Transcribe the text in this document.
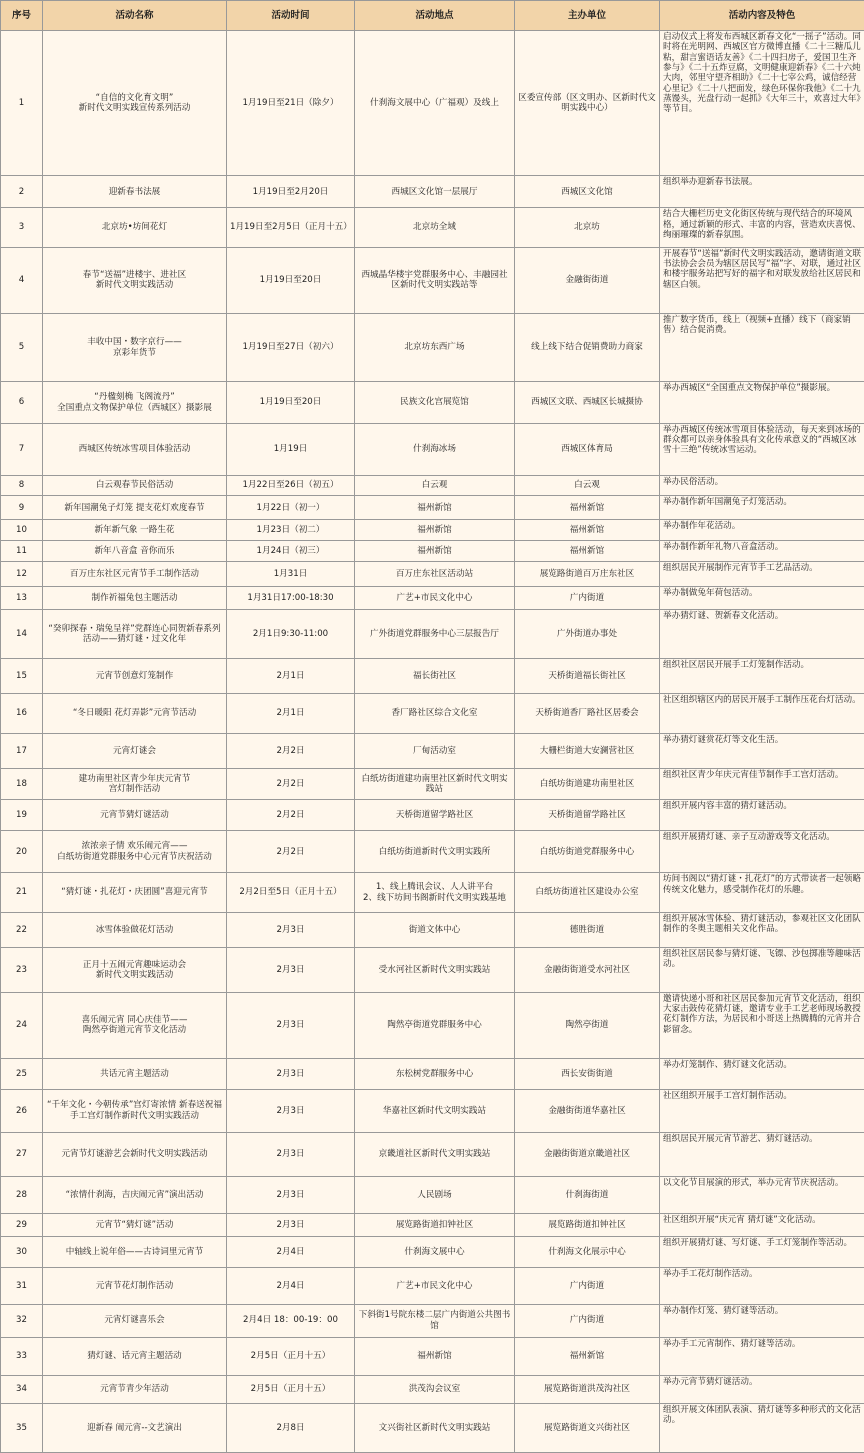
序号	活动名称	活动时间	活动地点	主办单位	活动内容及特色
1	“自信的文化育文明”
新时代文明实践宣传系列活动	1月19日至21日（除夕）	什刹海文展中心（广福观）及线上	区委宣传部（区文明办、区新时代文明实践中心）	启动仪式上将发布西城区新春文化“一摇子”活动。同时将在光明网、西城区官方微博直播《二十三糖瓜儿粘，甜言蜜语话友善》《二十四扫房子，爱国卫生齐参与》《二十五炸豆腐，文明健康迎新春》《二十六炖大肉，邻里守望齐相助》《二十七宰公鸡，诚信经营心里记》《二十八把面发，绿色环保你我他》《二十九蒸馒头，光盘行动一起抓》《大年三十，欢喜过大年》等节目。
2	迎新春书法展	1月19日至2月20日	西城区文化馆一层展厅	西城区文化馆	组织举办迎新春书法展。
3	北京坊•坊间花灯	1月19日至2月5日（正月十五）	北京坊全域	北京坊	结合大栅栏历史文化街区传统与现代结合的环境风格，通过新颖的形式、丰富的内容，营造欢庆喜悦、绚丽璀璨的新春氛围。
4	春节“送福”进楼宇、进社区
新时代文明实践活动	1月19日至20日	西城晶华楼宇党群服务中心、丰融园社区新时代文明实践站等	金融街街道	开展春节“送福”新时代文明实践活动，邀请街道文联书法协会会员为辖区居民写“福”字、对联，通过社区和楼宇服务站把写好的福字和对联发放给社区居民和辖区白领。
5	丰收中国・数字京行——
京彩年货节	1月19日至27日（初六）	北京坊东西广场	线上线下结合促销费助力商家	推广数字货币，线上（视频+直播）线下（商家销售）结合促消费。
6	“丹楹刻桷 飞阁流丹”
全国重点文物保护单位（西城区）摄影展	1月19日至20日	民族文化宫展览馆	西城区文联、西城区长城摄协	举办西城区“全国重点文物保护单位”摄影展。
7	西城区传统冰雪项目体验活动	1月19日	什刹海冰场	西城区体育局	举办西城区传统冰雪项目体验活动，每天来到冰场的群众都可以亲身体验具有文化传承意义的“西城区冰雪十三绝”传统冰雪运动。
8	白云观春节民俗活动	1月22日至26日（初五）	白云观	白云观	举办民俗活动。
9	新年国潮兔子灯笼 提支花灯欢度春节	1月22日（初一）	福州新馆	福州新馆	举办制作新年国潮兔子灯笼活动。
10	新年新气象 一路生花	1月23日（初二）	福州新馆	福州新馆	举办制作年花活动。
11	新年八音盒 音你而乐	1月24日（初三）	福州新馆	福州新馆	举办制作新年礼物八音盒活动。
12	百万庄东社区元宵节手工制作活动	1月31日	百万庄东社区活动站	展览路街道百万庄东社区	组织居民开展制作元宵节手工艺品活动。
13	制作祈福兔包主题活动	1月31日17:00-18:30	广艺+市民文化中心	广内街道	举办制做兔年荷包活动。
14	“癸卯探春・瑞兔呈祥”党群连心同贺新春系列活动——猜灯谜・过文化年	2月1日9:30-11:00	广外街道党群服务中心三层报告厅	广外街道办事处	举办猜灯谜、贺新春文化活动。
15	元宵节创意灯笼制作	2月1日	福长街社区	天桥街道福长街社区	组织社区居民开展手工灯笼制作活动。
16	“冬日暖阳 花灯弄影”元宵节活动	2月1日	香厂路社区综合文化室	天桥街道香厂路社区居委会	社区组织辖区内的居民开展手工制作压花台灯活动。
17	元宵灯谜会	2月2日	厂甸活动室	大栅栏街道大安澜营社区	举办猜灯谜赏花灯等文化生活。
18	建功南里社区青少年庆元宵节
宫灯制作活动	2月2日	白纸坊街道建功南里社区新时代文明实践站	白纸坊街道建功南里社区	组织社区青少年庆元宵佳节制作手工宫灯活动。
19	元宵节猜灯谜活动	2月2日	天桥街道留学路社区	天桥街道留学路社区	组织开展内容丰富的猜灯谜活动。
20	浓浓亲子情 欢乐闹元宵——
白纸坊街道党群服务中心元宵节庆祝活动	2月2日	白纸坊街道新时代文明实践所	白纸坊街道党群服务中心	组织开展猜灯谜、亲子互动游戏等文化活动。
21	“猜灯谜・扎花灯・庆团圆”喜迎元宵节	2月2日至5日（正月十五）	1、线上腾讯会议、人人讲平台
2、线下坊间书阁新时代文明实践基地	白纸坊街道社区建设办公室	坊间书阁以“猜灯谜・扎花灯”的方式带读者一起领略传统文化魅力，感受制作花灯的乐趣。
22	冰雪体验做花灯活动	2月3日	街道文体中心	德胜街道	组织开展冰雪体验、猜灯谜活动，参观社区文化团队制作的冬奥主题相关文化作品。
23	正月十五闹元宵趣味运动会
新时代文明实践活动	2月3日	受水河社区新时代文明实践站	金融街街道受水河社区	组织社区居民参与猜灯谜、飞镖、沙包掷准等趣味活动。
24	喜乐闹元宵 同心庆佳节——
陶然亭街道元宵节文化活动	2月3日	陶然亭街道党群服务中心	陶然亭街道	邀请快递小哥和社区居民参加元宵节文化活动，组织大家击鼓传花猜灯谜，邀请专业手工艺老师现场教授花灯制作方法，为居民和小哥送上热腾腾的元宵并合影留念。
25	共话元宵主题活动	2月3日	东松树党群服务中心	西长安街街道	举办灯笼制作、猜灯谜文化活动。
26	“千年文化・今朝传承”宫灯寄浓情 新春送祝福 手工宫灯制作新时代文明实践活动	2月3日	华嘉社区新时代文明实践站	金融街街道华嘉社区	社区组织开展手工宫灯制作活动。
27	元宵节灯谜游艺会新时代文明实践活动	2月3日	京畿道社区新时代文明实践站	金融街街道京畿道社区	组织居民开展元宵节游艺、猜灯谜活动。
28	“浓情什刹海，吉庆闹元宵”演出活动	2月3日	人民剧场	什刹海街道	以文化节目展演的形式，举办元宵节庆祝活动。
29	元宵节“猜灯谜”活动	2月3日	展览路街道扣钟社区	展览路街道扣钟社区	社区组织开展“庆元宵 猜灯谜”文化活动。
30	中轴线上说年俗——古诗词里元宵节	2月4日	什刹海文展中心	什刹海文化展示中心	组织开展猜灯谜、写灯谜、手工灯笼制作等活动。
31	元宵节花灯制作活动	2月4日	广艺+市民文化中心	广内街道	举办手工花灯制作活动。
32	元宵灯谜喜乐会	2月4日 18：00-19：00	下斜街1号院东楼二层广内街道公共图书馆	广内街道	举办制作灯笼、猜灯谜等活动。
33	猜灯谜、话元宵主题活动	2月5日（正月十五）	福州新馆	福州新馆	举办手工元宵制作、猜灯谜等活动。
34	元宵节青少年活动	2月5日（正月十五）	洪茂沟会议室	展览路街道洪茂沟社区	举办元宵节猜灯谜活动。
35	迎新春 闹元宵--文艺演出	2月8日	文兴街社区新时代文明实践站	展览路街道文兴街社区	组织开展文体团队表演、猜灯谜等多种形式的文化活动。
